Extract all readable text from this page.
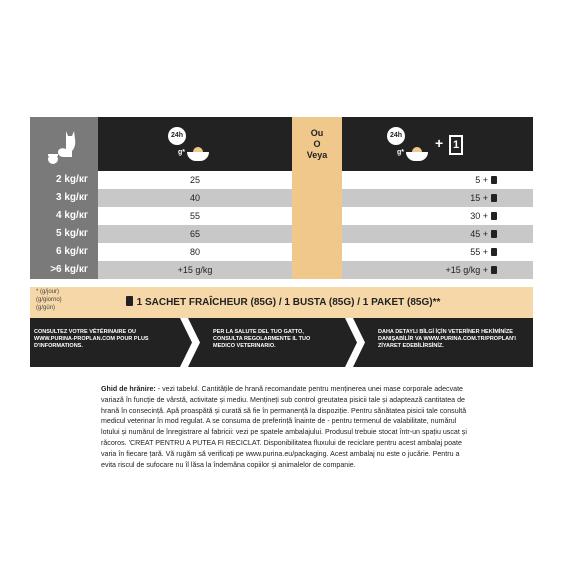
24h
g*
Ou
O
Veya
24h
g*
+ 1
2 kg/кг	25	5 +
3 kg/кг	40	15 +
4 kg/кг	55	30 +
5 kg/кг	65	45 +
6 kg/кг	80	55 +
>6 kg/кг	+15 g/kg	+15 g/kg +
* (g/jour)
(g/giorno)
(g/gün)	1 SACHET FRAÎCHEUR (85G) / 1 BUSTA (85G) / 1 PAKET (85G)**
CONSULTEZ VOTRE VÉTÉRINAIRE OU WWW.PURINA-PROPLAN.COM POUR PLUS D'INFORMATIONS.
PER LA SALUTE DEL TUO GATTO, CONSULTA REGOLARMENTE IL TUO MEDICO VETERINARIO.
DAHA DETAYLI BİLGİ İÇİN VETERİNER HEKİMİNİZE DANIŞABİLİR VA WWW.PURINA.COM.TR/PROPLAN'I ZİYARET EDEBİLİRSİNİZ.
Ghid de hrănire: - vezi tabelul. Cantitățile de hrană recomandate pentru menținerea unei mase corporale adecvate variază în funcție de vârstă, activitate și mediu. Mențineți sub control greutatea pisicii tale și adaptează cantitatea de hrană în consecință. Apă proaspătă și curată să fie în permanență la dispoziție. Pentru sănătatea pisicii tale consultă medicul veterinar în mod regulat. A se consuma de preferință înainte de - pentru termenul de valabilitate, numărul lotului și numărul de înregistrare al fabricii: vezi pe spatele ambalajului. Produsul trebuie stocat într-un spațiu uscat și răcoros. 'CREAT PENTRU A PUTEA FI RECICLAT. Disponibilitatea fluxului de reciclare pentru acest ambalaj poate varia în fiecare țară. Vă rugăm să verificați pe www.purina.eu/packaging. Acest ambalaj nu este o jucărie. Pentru a evita riscul de sufocare nu îl lăsa la îndemâna copiilor și animalelor de companie.
